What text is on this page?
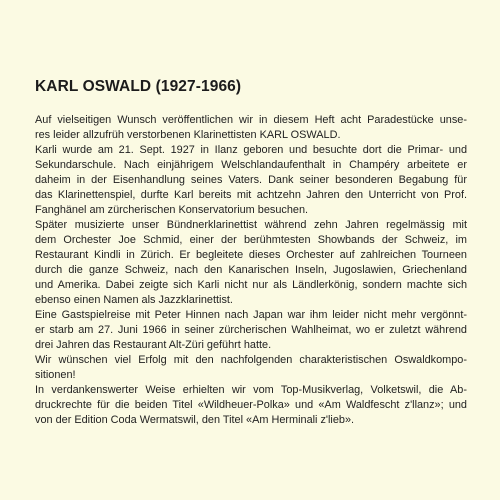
KARL OSWALD (1927-1966)
Auf vielseitigen Wunsch veröffentlichen wir in diesem Heft acht Paradestücke unse-
res leider allzufrüh verstorbenen Klarinettisten KARL OSWALD.
Karli wurde am 21. Sept. 1927 in Ilanz geboren und besuchte dort die Primar- und
Sekundarschule. Nach einjährigem Welschlandaufenthalt in Champéry arbeitete er
daheim in der Eisenhandlung seines Vaters. Dank seiner besonderen Begabung für
das Klarinettenspiel, durfte Karl bereits mit achtzehn Jahren den Unterricht von Prof.
Fanghänel am zürcherischen Konservatorium besuchen.
Später musizierte unser Bündnerklarinettist während zehn Jahren regelmässig mit
dem Orchester Joe Schmid, einer der berühmtesten Showbands der Schweiz, im
Restaurant Kindli in Zürich. Er begleitete dieses Orchester auf zahlreichen Tourneen
durch die ganze Schweiz, nach den Kanarischen Inseln, Jugoslawien, Griechenland
und Amerika. Dabei zeigte sich Karli nicht nur als Ländlerkönig, sondern machte sich
ebenso einen Namen als Jazzklarinettist.
Eine Gastspielreise mit Peter Hinnen nach Japan war ihm leider nicht mehr vergönnt-
er starb am 27. Juni 1966 in seiner zürcherischen Wahlheimat, wo er zuletzt während
drei Jahren das Restaurant Alt-Züri geführt hatte.
Wir wünschen viel Erfolg mit den nachfolgenden charakteristischen Oswaldkompo-
sitionen!
In verdankenswerter Weise erhielten wir vom Top-Musikverlag, Volketswil, die Ab-
druckrechte für die beiden Titel «Wildheuer-Polka» und «Am Waldfescht z'llanz»; und
von der Edition Coda Wermatswil, den Titel «Am Herminali z'lieb».
